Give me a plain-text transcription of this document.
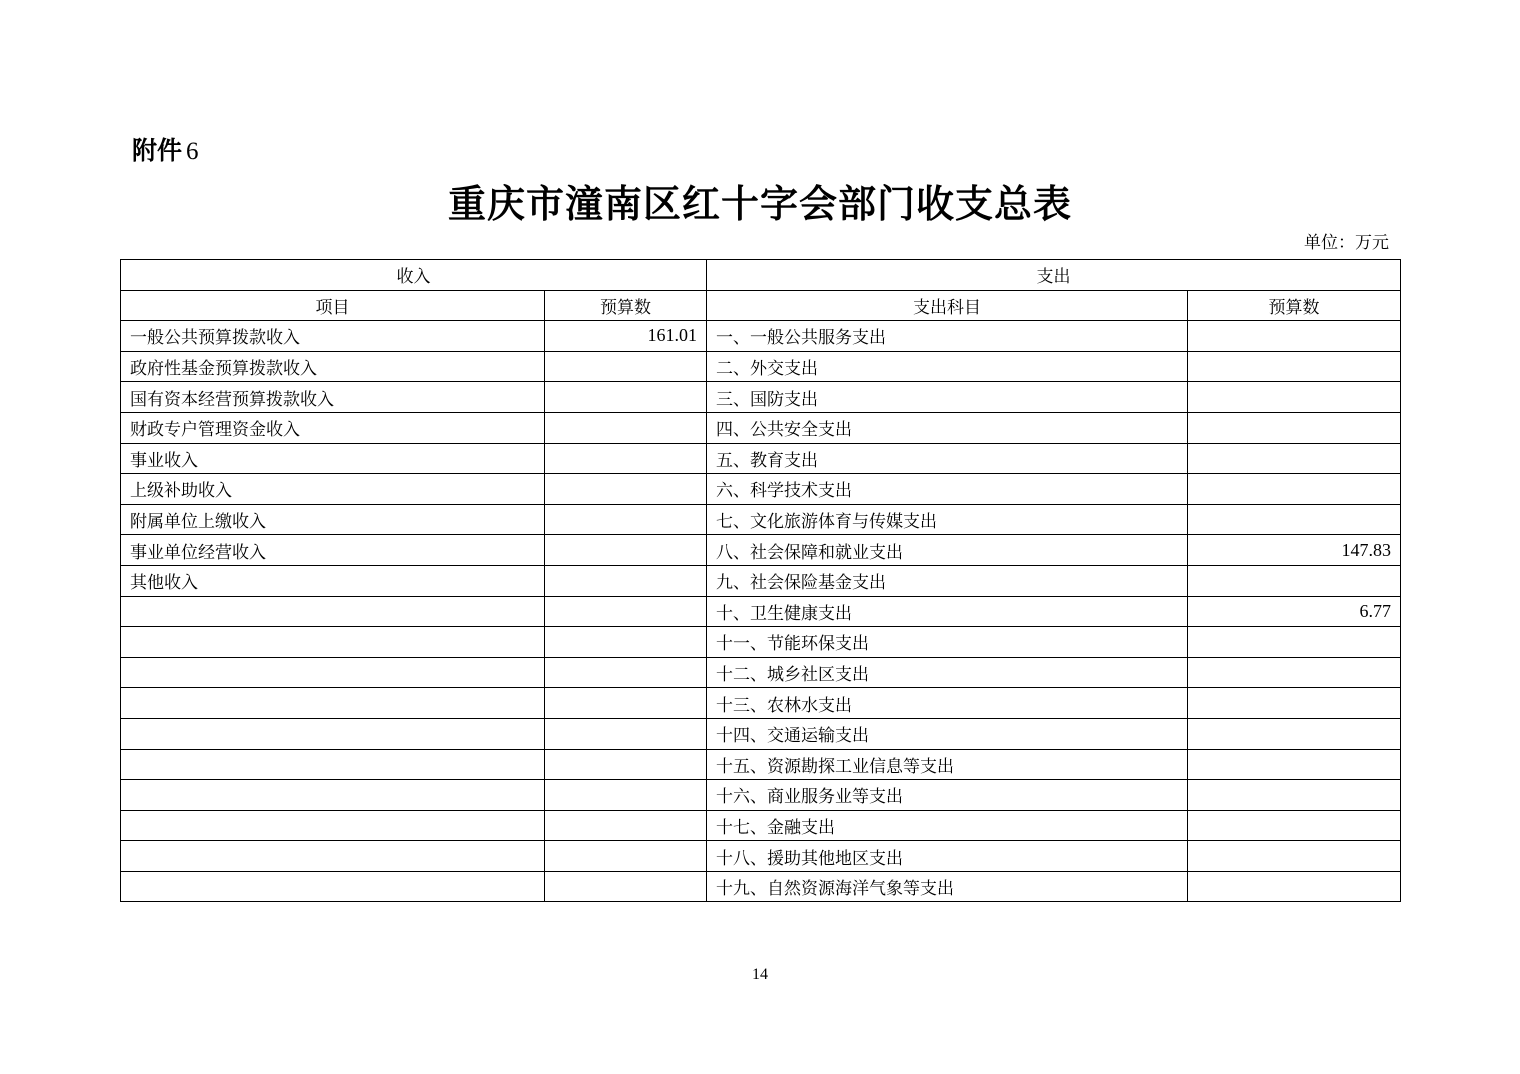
附件 6
重庆市潼南区红十字会部门收支总表
单位：万元
收入		支出	
项目	预算数	支出科目	预算数
一般公共预算拨款收入	161.01	一、一般公共服务支出	
政府性基金预算拨款收入		二、外交支出	
国有资本经营预算拨款收入		三、国防支出	
财政专户管理资金收入		四、公共安全支出	
事业收入		五、教育支出	
上级补助收入		六、科学技术支出	
附属单位上缴收入		七、文化旅游体育与传媒支出	
事业单位经营收入		八、社会保障和就业支出	147.83
其他收入		九、社会保险基金支出	
		十、卫生健康支出	6.77
		十一、节能环保支出	
		十二、城乡社区支出	
		十三、农林水支出	
		十四、交通运输支出	
		十五、资源勘探工业信息等支出	
		十六、商业服务业等支出	
		十七、金融支出	
		十八、援助其他地区支出	
		十九、自然资源海洋气象等支出	
14
